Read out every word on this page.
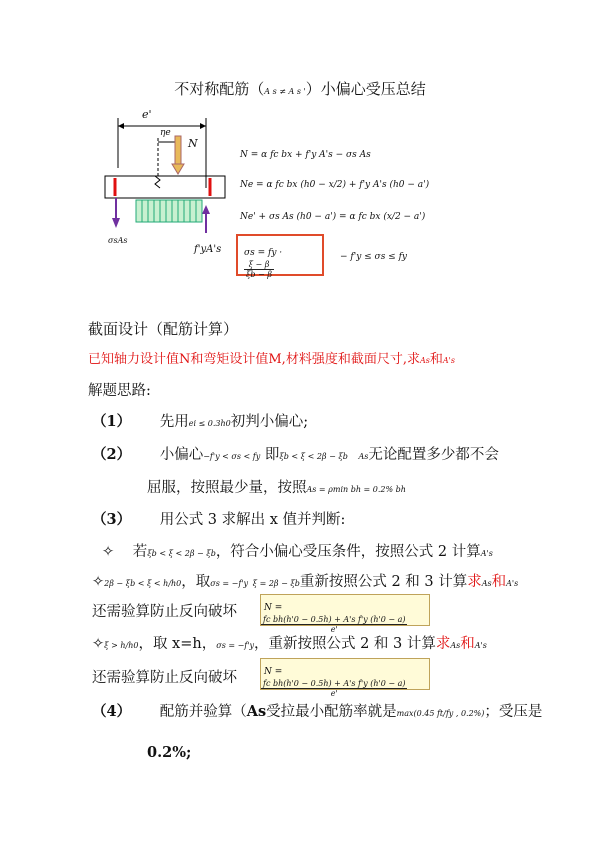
不对称配筋（A s ≠ A s '）小偏心受压总结
e'
ηe
N
σsAs
f'yA's
N = α fc bx + f'y A's − σs As
Ne = α fc bx (h0 − x/2) + f'y A's (h0 − a')
Ne' + σs As (h0 − a') = α fc bx (x/2 − a')
σs = fy ·
$\frac{\xi - \beta}{\xi b - \beta}$
− f'y ≤ σs ≤ fy
截面设计（配筋计算）
已知轴力设计值N和弯矩设计值M,材料强度和截面尺寸,求As和A's
解题思路:
（1） 先用ei ≤ 0.3h0初判小偏心;
（2） 小偏心−f'y < σs < fy 即ξb < ξ < 2β − ξb As无论配置多少都不会
屈服，按照最少量，按照As = ρmin bh = 0.2% bh
（3） 用公式 3 求解出 x 值并判断:
✧ 若ξb < ξ < 2β − ξb，符合小偏心受压条件，按照公式 2 计算A's
✧2β − ξb < ξ < h/h0，取σs = −f'y ξ = 2β − ξb重新按照公式 2 和 3 计算求As和A's
还需验算防止反向破坏	N =
$\frac{\text{fc bh(h'0 − 0.5h) + A's f'y (h'0 − a)}}{e'}$
✧ξ > h/h0，取 x=h，σs = −f'y，重新按照公式 2 和 3 计算求As和A's
还需验算防止反向破坏	N =
$\frac{\text{fc bh(h'0 − 0.5h) + A's f'y (h'0 − a)}}{e'}$
（4） 配筋并验算（As受拉最小配筋率就是max(0.45 ft/fy , 0.2%)；受压是
0.2%;
